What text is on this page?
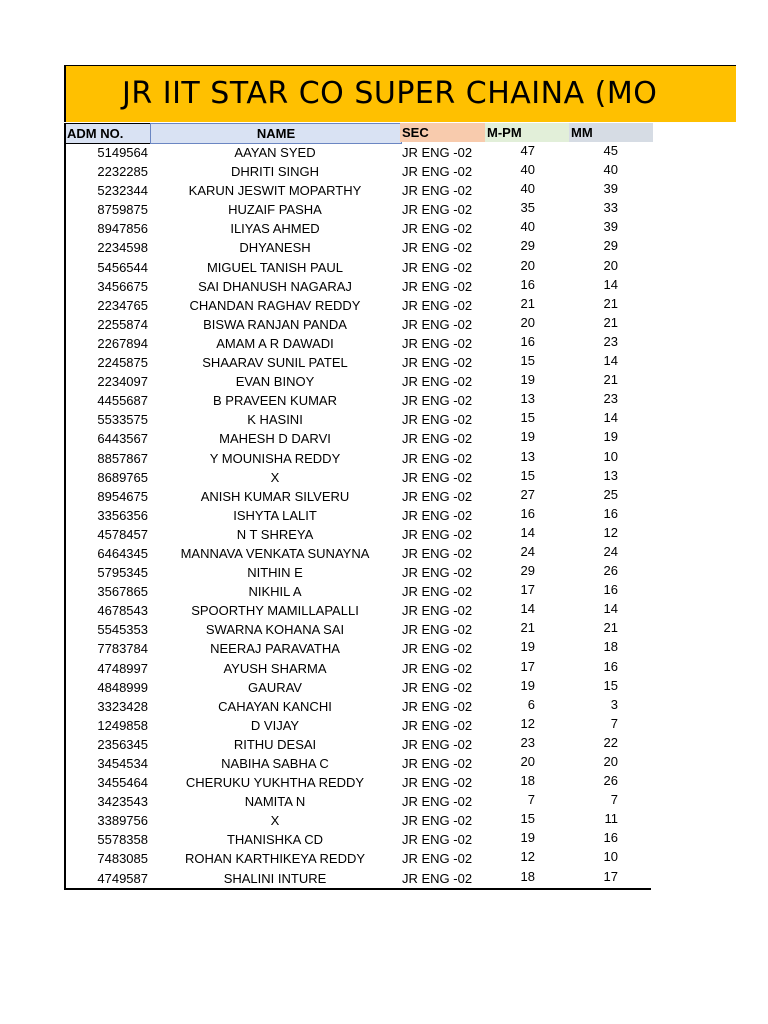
JR IIT STAR CO SUPER CHAINA (MO
ADM NO.	NAME	SEC	M-PM	MM
5149564	AAYAN SYED	JR ENG -02	47	45
2232285	DHRITI SINGH	JR ENG -02	40	40
5232344	KARUN JESWIT MOPARTHY	JR ENG -02	40	39
8759875	HUZAIF PASHA	JR ENG -02	35	33
8947856	ILIYAS AHMED	JR ENG -02	40	39
2234598	DHYANESH	JR ENG -02	29	29
5456544	MIGUEL TANISH PAUL	JR ENG -02	20	20
3456675	SAI DHANUSH NAGARAJ	JR ENG -02	16	14
2234765	CHANDAN RAGHAV REDDY	JR ENG -02	21	21
2255874	BISWA RANJAN PANDA	JR ENG -02	20	21
2267894	AMAM A R DAWADI	JR ENG -02	16	23
2245875	SHAARAV SUNIL PATEL	JR ENG -02	15	14
2234097	EVAN BINOY	JR ENG -02	19	21
4455687	B PRAVEEN KUMAR	JR ENG -02	13	23
5533575	K HASINI	JR ENG -02	15	14
6443567	MAHESH D DARVI	JR ENG -02	19	19
8857867	Y MOUNISHA REDDY	JR ENG -02	13	10
8689765	X	JR ENG -02	15	13
8954675	ANISH KUMAR SILVERU	JR ENG -02	27	25
3356356	ISHYTA LALIT	JR ENG -02	16	16
4578457	N T SHREYA	JR ENG -02	14	12
6464345	MANNAVA VENKATA SUNAYNA	JR ENG -02	24	24
5795345	NITHIN E	JR ENG -02	29	26
3567865	NIKHIL A	JR ENG -02	17	16
4678543	SPOORTHY MAMILLAPALLI	JR ENG -02	14	14
5545353	SWARNA KOHANA SAI	JR ENG -02	21	21
7783784	NEERAJ PARAVATHA	JR ENG -02	19	18
4748997	AYUSH SHARMA	JR ENG -02	17	16
4848999	GAURAV	JR ENG -02	19	15
3323428	CAHAYAN KANCHI	JR ENG -02	6	3
1249858	D VIJAY	JR ENG -02	12	7
2356345	RITHU DESAI	JR ENG -02	23	22
3454534	NABIHA SABHA C	JR ENG -02	20	20
3455464	CHERUKU YUKHTHA REDDY	JR ENG -02	18	26
3423543	NAMITA N	JR ENG -02	7	7
3389756	X	JR ENG -02	15	11
5578358	THANISHKA CD	JR ENG -02	19	16
7483085	ROHAN KARTHIKEYA REDDY	JR ENG -02	12	10
4749587	SHALINI INTURE	JR ENG -02	18	17
